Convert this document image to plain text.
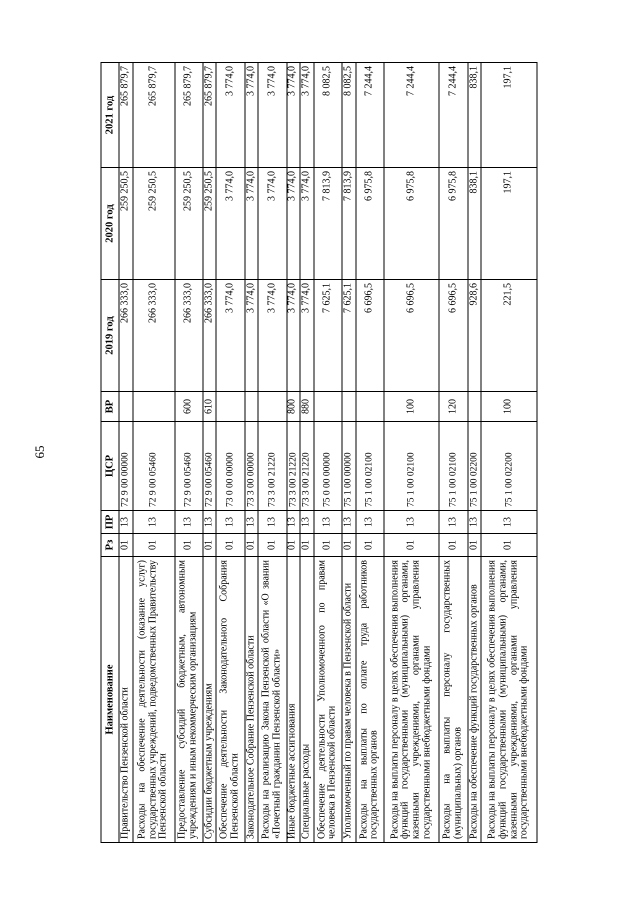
65
Наименование	Рз	ПР	ЦСР	ВР	2019 год	2020 год	2021 год
Правительство Пензенской области	01	13	72 9 00 00000		266 333,0	259 250,5	265 879,7
Расходы на обеспечение деятельности (оказание услуг) государственных учреждений, подведомственных Правительству Пензенской области	01	13	72 9 00 05460		266 333,0	259 250,5	265 879,7
Предоставление субсидий бюджетным, автономным учреждениям и иным некоммерческим организациям	01	13	72 9 00 05460	600	266 333,0	259 250,5	265 879,7
Субсидии бюджетным учреждениям	01	13	72 9 00 05460	610	266 333,0	259 250,5	265 879,7
Обеспечение деятельности Законодательного Собрания Пензенской области	01	13	73 0 00 00000		3 774,0	3 774,0	3 774,0
Законодательное Собрание Пензенской области	01	13	73 3 00 00000		3 774,0	3 774,0	3 774,0
Расходы на реализацию Закона Пензенской области «О звании «Почетный гражданин Пензенской области»	01	13	73 3 00 21220		3 774,0	3 774,0	3 774,0
Иные бюджетные ассигнования	01	13	73 3 00 21220	800	3 774,0	3 774,0	3 774,0
Специальные расходы	01	13	73 3 00 21220	880	3 774,0	3 774,0	3 774,0
Обеспечение деятельности Уполномоченного по правам человека в Пензенской области	01	13	75 0 00 00000		7 625,1	7 813,9	8 082,5
Уполномоченный по правам человека в Пензенской области	01	13	75 1 00 00000		7 625,1	7 813,9	8 082,5
Расходы на выплаты по оплате труда работников государственных органов	01	13	75 1 00 02100		6 696,5	6 975,8	7 244,4
Расходы на выплаты персоналу в целях обеспечения выполнения функций государственными (муниципальными) органами, казенными учреждениями, органами управления государственными внебюджетными фондами	01	13	75 1 00 02100	100	6 696,5	6 975,8	7 244,4
Расходы на выплаты персоналу государственных (муниципальных) органов	01	13	75 1 00 02100	120	6 696,5	6 975,8	7 244,4
Расходы на обеспечение функций государственных органов	01	13	75 1 00 02200		928,6	838,1	838,1
Расходы на выплаты персоналу в целях обеспечения выполнения функций государственными (муниципальными) органами, казенными учреждениями, органами управления государственными внебюджетными фондами	01	13	75 1 00 02200	100	221,5	197,1	197,1
